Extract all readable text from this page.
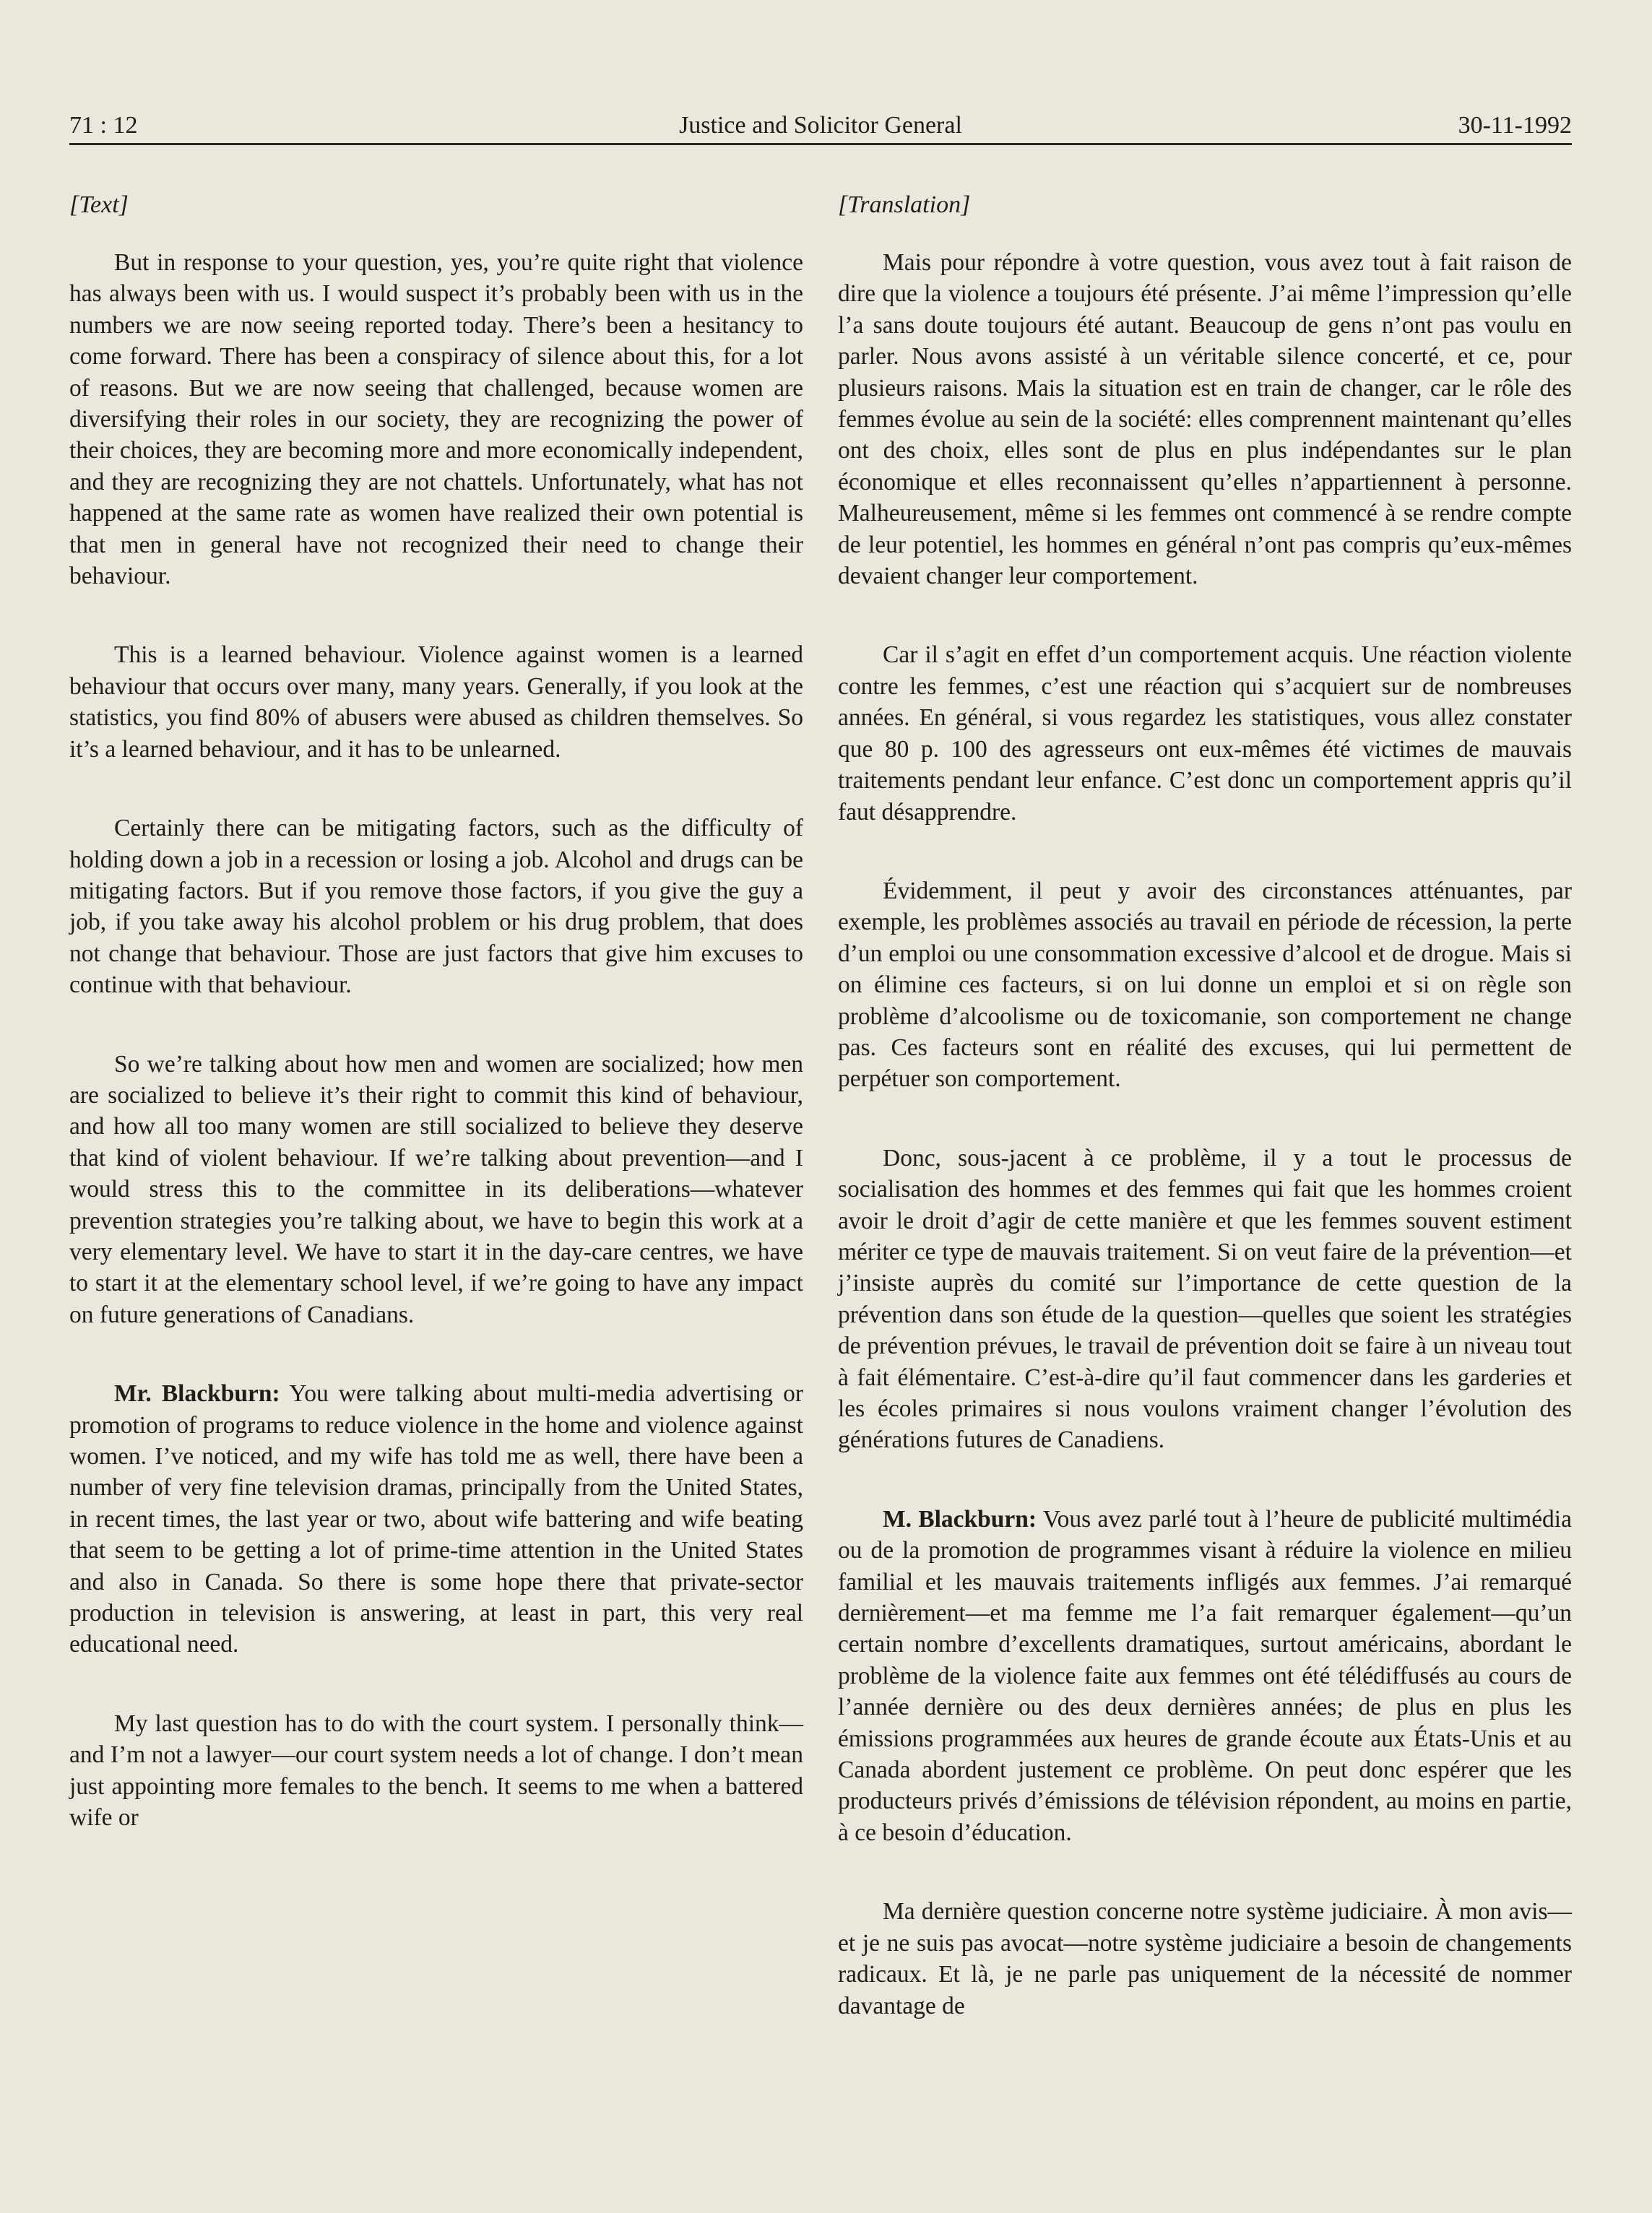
71 : 12	Justice and Solicitor General	30-11-1992
[Text]

But in response to your question, yes, you’re quite right that violence has always been with us. I would suspect it’s probably been with us in the numbers we are now seeing reported today. There’s been a hesitancy to come forward. There has been a conspiracy of silence about this, for a lot of reasons. But we are now seeing that challenged, because women are diversifying their roles in our society, they are recognizing the power of their choices, they are becoming more and more economically independent, and they are recognizing they are not chattels. Unfortunately, what has not happened at the same rate as women have realized their own potential is that men in general have not recognized their need to change their behaviour.

This is a learned behaviour. Violence against women is a learned behaviour that occurs over many, many years. Generally, if you look at the statistics, you find 80% of abusers were abused as children themselves. So it’s a learned behaviour, and it has to be unlearned.

Certainly there can be mitigating factors, such as the difficulty of holding down a job in a recession or losing a job. Alcohol and drugs can be mitigating factors. But if you remove those factors, if you give the guy a job, if you take away his alcohol problem or his drug problem, that does not change that behaviour. Those are just factors that give him excuses to continue with that behaviour.

So we’re talking about how men and women are socialized; how men are socialized to believe it’s their right to commit this kind of behaviour, and how all too many women are still socialized to believe they deserve that kind of violent behaviour. If we’re talking about prevention—and I would stress this to the committee in its deliberations—whatever prevention strategies you’re talking about, we have to begin this work at a very elementary level. We have to start it in the day-care centres, we have to start it at the elementary school level, if we’re going to have any impact on future generations of Canadians.

Mr. Blackburn: You were talking about multi-media advertising or promotion of programs to reduce violence in the home and violence against women. I’ve noticed, and my wife has told me as well, there have been a number of very fine television dramas, principally from the United States, in recent times, the last year or two, about wife battering and wife beating that seem to be getting a lot of prime-time attention in the United States and also in Canada. So there is some hope there that private-sector production in television is answering, at least in part, this very real educational need.

My last question has to do with the court system. I personally think—and I’m not a lawyer—our court system needs a lot of change. I don’t mean just appointing more females to the bench. It seems to me when a battered wife or

[Translation]

Mais pour répondre à votre question, vous avez tout à fait raison de dire que la violence a toujours été présente. J’ai même l’impression qu’elle l’a sans doute toujours été autant. Beaucoup de gens n’ont pas voulu en parler. Nous avons assisté à un véritable silence concerté, et ce, pour plusieurs raisons. Mais la situation est en train de changer, car le rôle des femmes évolue au sein de la société: elles comprennent maintenant qu’elles ont des choix, elles sont de plus en plus indépendantes sur le plan économique et elles reconnaissent qu’elles n’appartiennent à personne. Malheureusement, même si les femmes ont commencé à se rendre compte de leur potentiel, les hommes en général n’ont pas compris qu’eux-mêmes devaient changer leur comportement.

Car il s’agit en effet d’un comportement acquis. Une réaction violente contre les femmes, c’est une réaction qui s’acquiert sur de nombreuses années. En général, si vous regardez les statistiques, vous allez constater que 80 p. 100 des agresseurs ont eux-mêmes été victimes de mauvais traitements pendant leur enfance. C’est donc un comportement appris qu’il faut désapprendre.

Évidemment, il peut y avoir des circonstances atténuantes, par exemple, les problèmes associés au travail en période de récession, la perte d’un emploi ou une consommation excessive d’alcool et de drogue. Mais si on élimine ces facteurs, si on lui donne un emploi et si on règle son problème d’alcoolisme ou de toxicomanie, son comportement ne change pas. Ces facteurs sont en réalité des excuses, qui lui permettent de perpétuer son comportement.

Donc, sous-jacent à ce problème, il y a tout le processus de socialisation des hommes et des femmes qui fait que les hommes croient avoir le droit d’agir de cette manière et que les femmes souvent estiment mériter ce type de mauvais traitement. Si on veut faire de la prévention—et j’insiste auprès du comité sur l’importance de cette question de la prévention dans son étude de la question—quelles que soient les stratégies de prévention prévues, le travail de prévention doit se faire à un niveau tout à fait élémentaire. C’est-à-dire qu’il faut commencer dans les garderies et les écoles primaires si nous voulons vraiment changer l’évolution des générations futures de Canadiens.

M. Blackburn: Vous avez parlé tout à l’heure de publicité multimédia ou de la promotion de programmes visant à réduire la violence en milieu familial et les mauvais traitements infligés aux femmes. J’ai remarqué dernièrement—et ma femme me l’a fait remarquer également—qu’un certain nombre d’excellents dramatiques, surtout américains, abordant le problème de la violence faite aux femmes ont été télédiffusés au cours de l’année dernière ou des deux dernières années; de plus en plus les émissions programmées aux heures de grande écoute aux États-Unis et au Canada abordent justement ce problème. On peut donc espérer que les producteurs privés d’émissions de télévision répondent, au moins en partie, à ce besoin d’éducation.

Ma dernière question concerne notre système judiciaire. À mon avis—et je ne suis pas avocat—notre système judiciaire a besoin de changements radicaux. Et là, je ne parle pas uniquement de la nécessité de nommer davantage de
